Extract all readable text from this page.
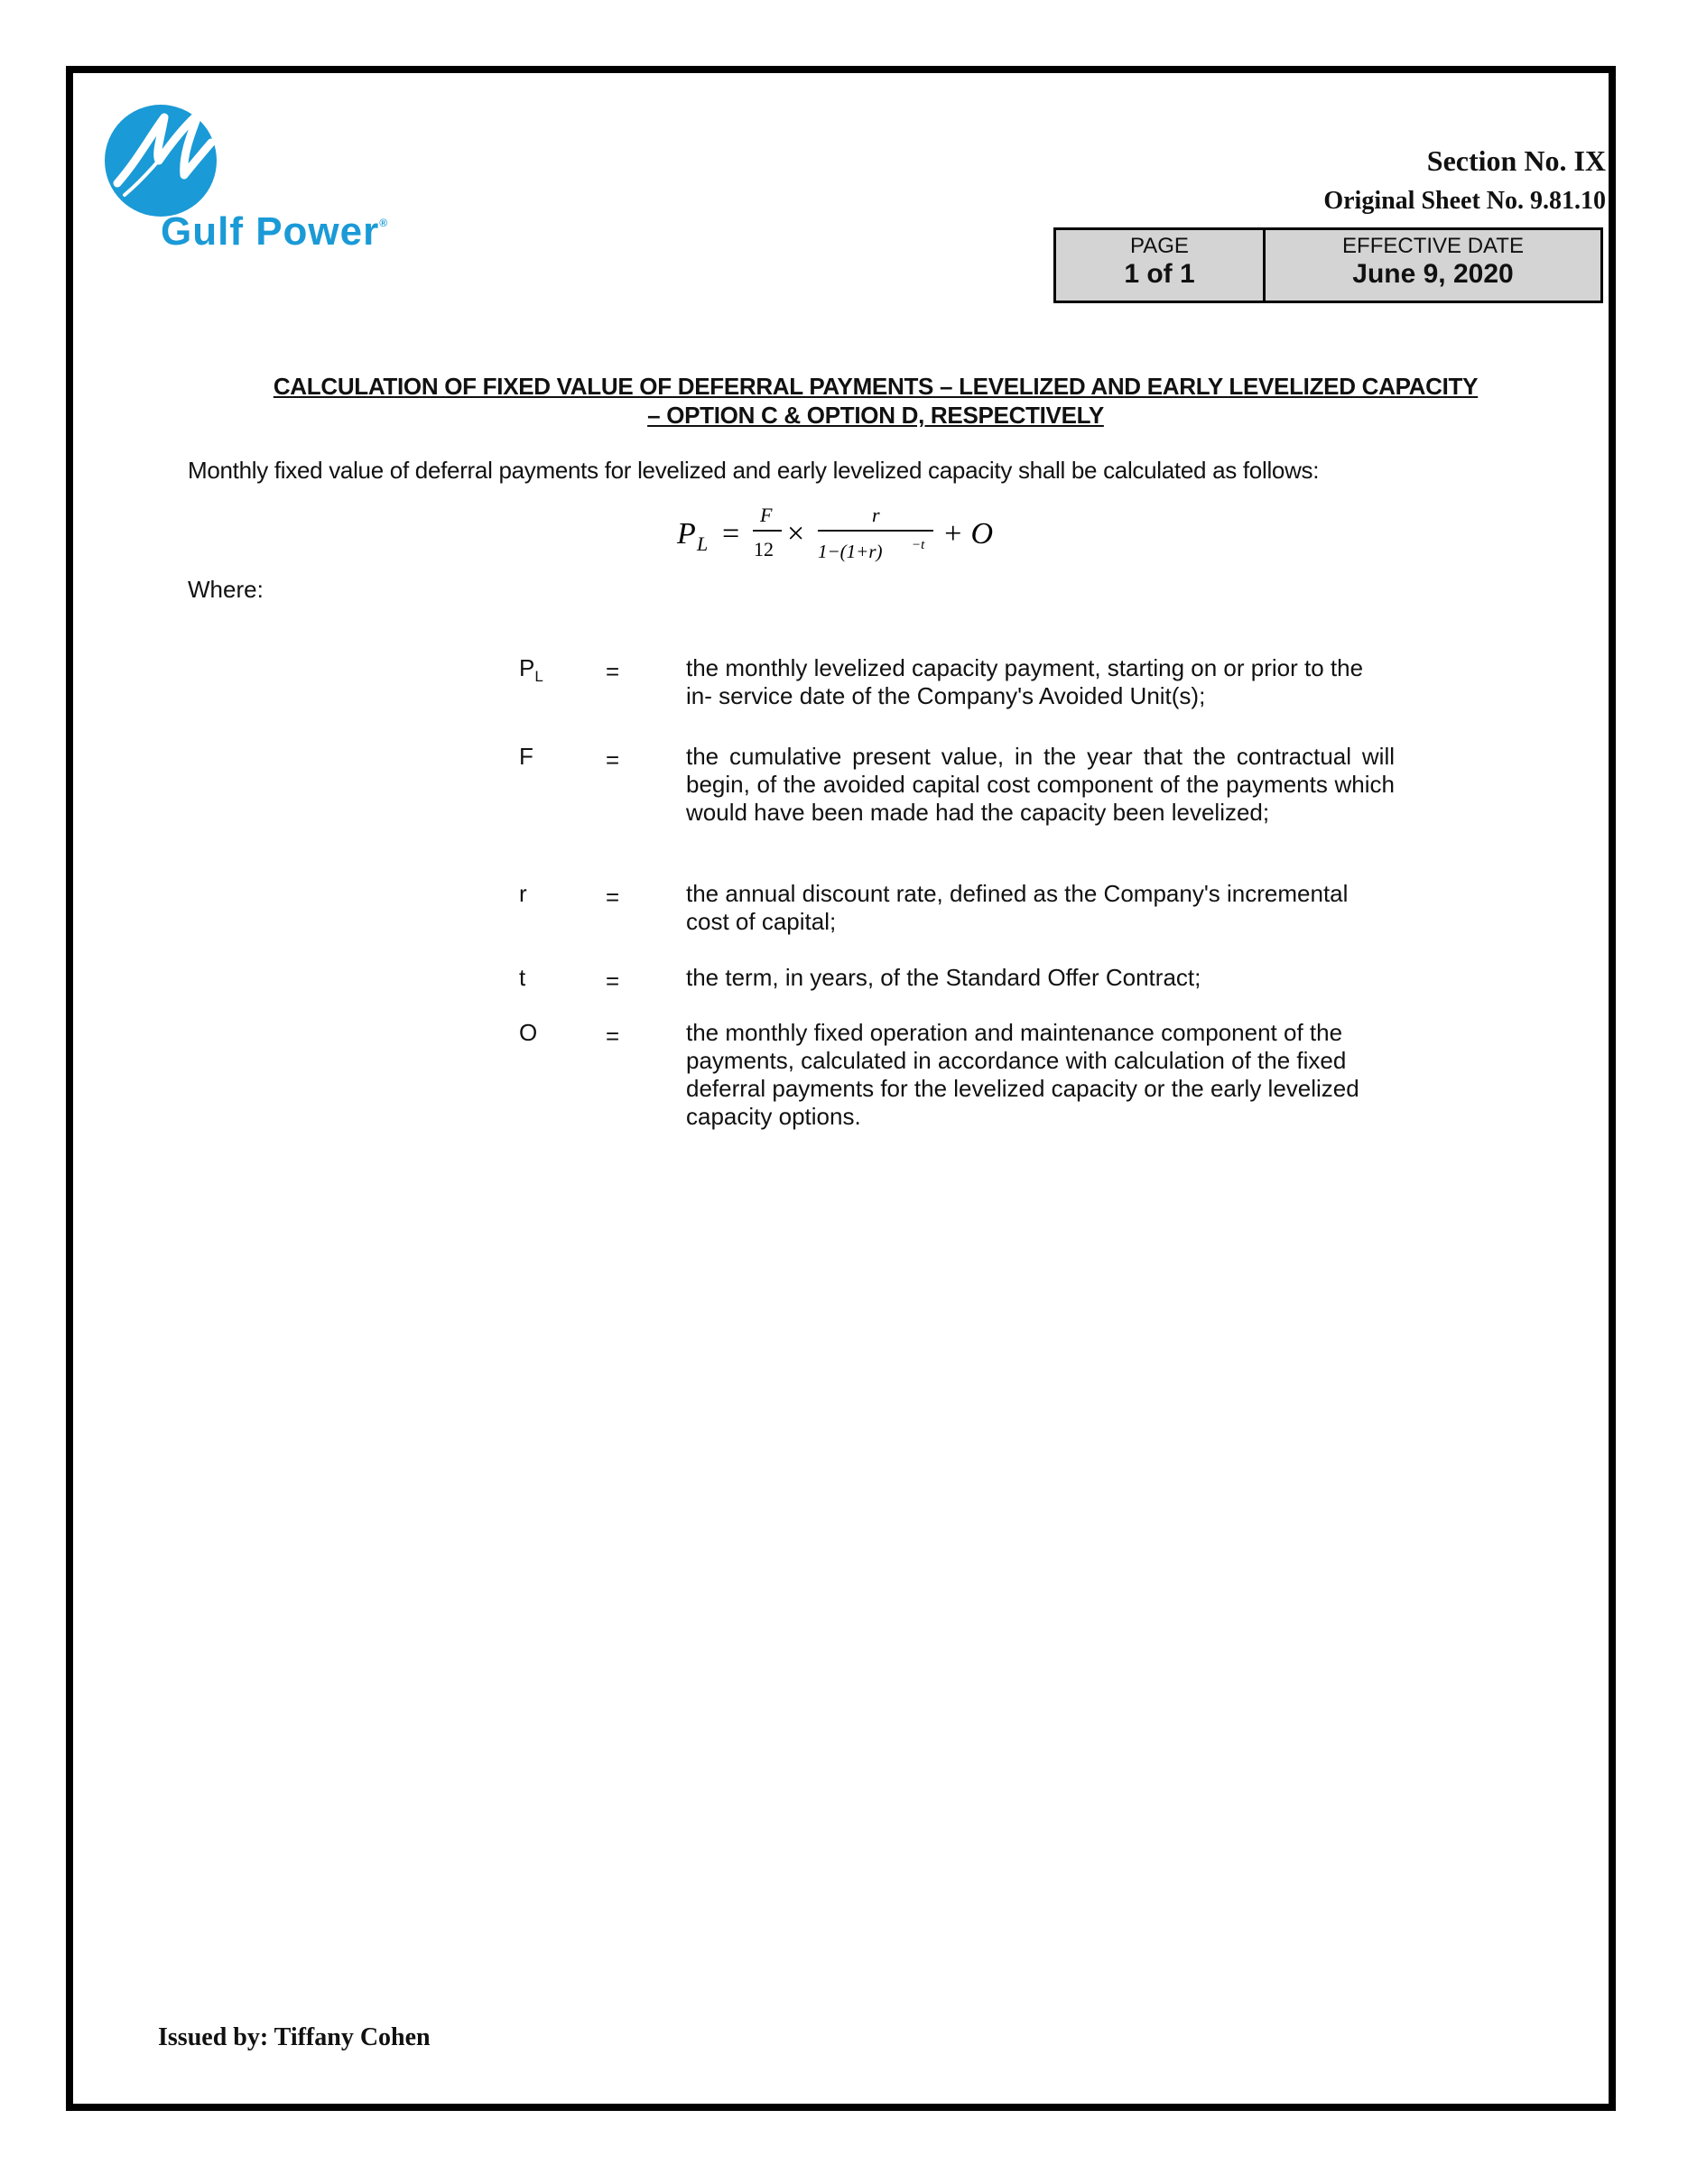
Gulf Power®
Section No. IX
Original Sheet No. 9.81.10
PAGE
1 of 1
EFFECTIVE DATE
June 9, 2020
CALCULATION OF FIXED VALUE OF DEFERRAL PAYMENTS – LEVELIZED AND EARLY LEVELIZED CAPACITY
– OPTION C & OPTION D, RESPECTIVELY
Monthly fixed value of deferral payments for levelized and early levelized capacity shall be calculated as follows:
P L =
F
12 ×
r
1−(1+r) −t + O
Where:
$P_L$	=	the monthly levelized capacity payment, starting on or prior to the in- service date of the Company's Avoided Unit(s);
F	=	the cumulative present value, in the year that the contractual will begin, of the avoided capital cost component of the payments which would have been made had the capacity been levelized;
r	=	the annual discount rate, defined as the Company's incremental cost of capital;
t	=	the term, in years, of the Standard Offer Contract;
O	=	the monthly fixed operation and maintenance component of the payments, calculated in accordance with calculation of the fixed deferral payments for the levelized capacity or the early levelized capacity options.
Issued by: Tiffany Cohen
